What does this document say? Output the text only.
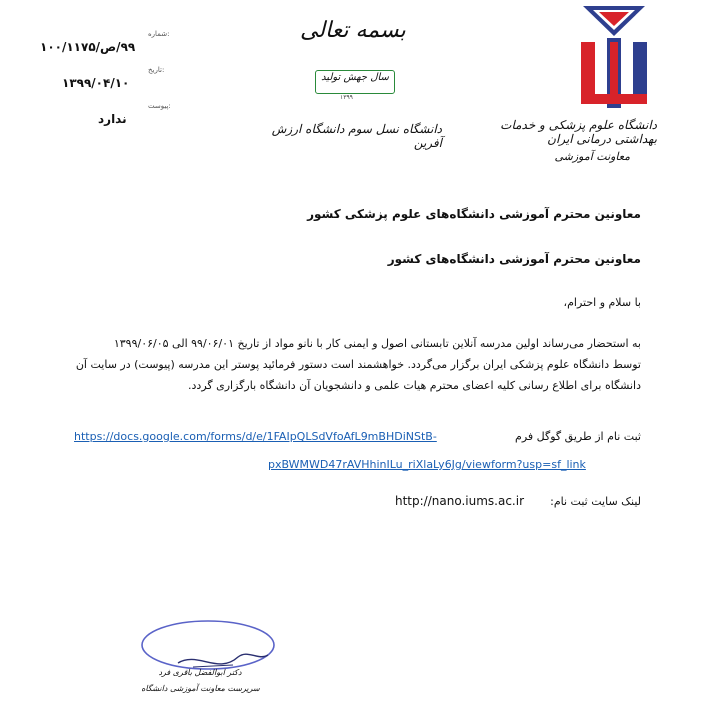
شماره:
۹۹/ص/۱۰۰/۱۱۷۵
تاریخ:
۱۳۹۹/۰۴/۱۰
پیوست:
ندارد
بسمه تعالی
سال جهش تولید
۱۳۹۹
دانشگاه نسل سوم دانشگاه ارزش آفرین
دانشگاه علوم پزشکی و خدمات بهداشتی درمانی ایران
معاونت آموزشی
معاونین محترم آموزشی دانشگاه‌های علوم پزشکی کشور
معاونین محترم آموزشی دانشگاه‌های کشور
با سلام و احترام،
به استحضار می‌رساند اولین مدرسه آنلاین تابستانی اصول و ایمنی کار با نانو مواد از تاریخ ۹۹/۰۶/۰۱ الی ۱۳۹۹/۰۶/۰۵
توسط دانشگاه علوم پزشکی ایران برگزار می‌گردد. خواهشمند است دستور فرمائید پوستر این مدرسه (پیوست) در سایت آن
دانشگاه برای اطلاع رسانی کلیه اعضای محترم هیات علمی و دانشجویان آن دانشگاه بارگزاری گردد.
ثبت نام از طریق گوگل فرم
https://docs.google.com/forms/d/e/1FAIpQLSdVfoAfL9mBHDiNStB-
pxBWMWD47rAVHhinILu_riXlaLy6Jg/viewform?usp=sf_link
لینک سایت ثبت نام:
http://nano.iums.ac.ir
دکتر ابوالفضل باقری فرد
سرپرست معاونت آموزشی دانشگاه
